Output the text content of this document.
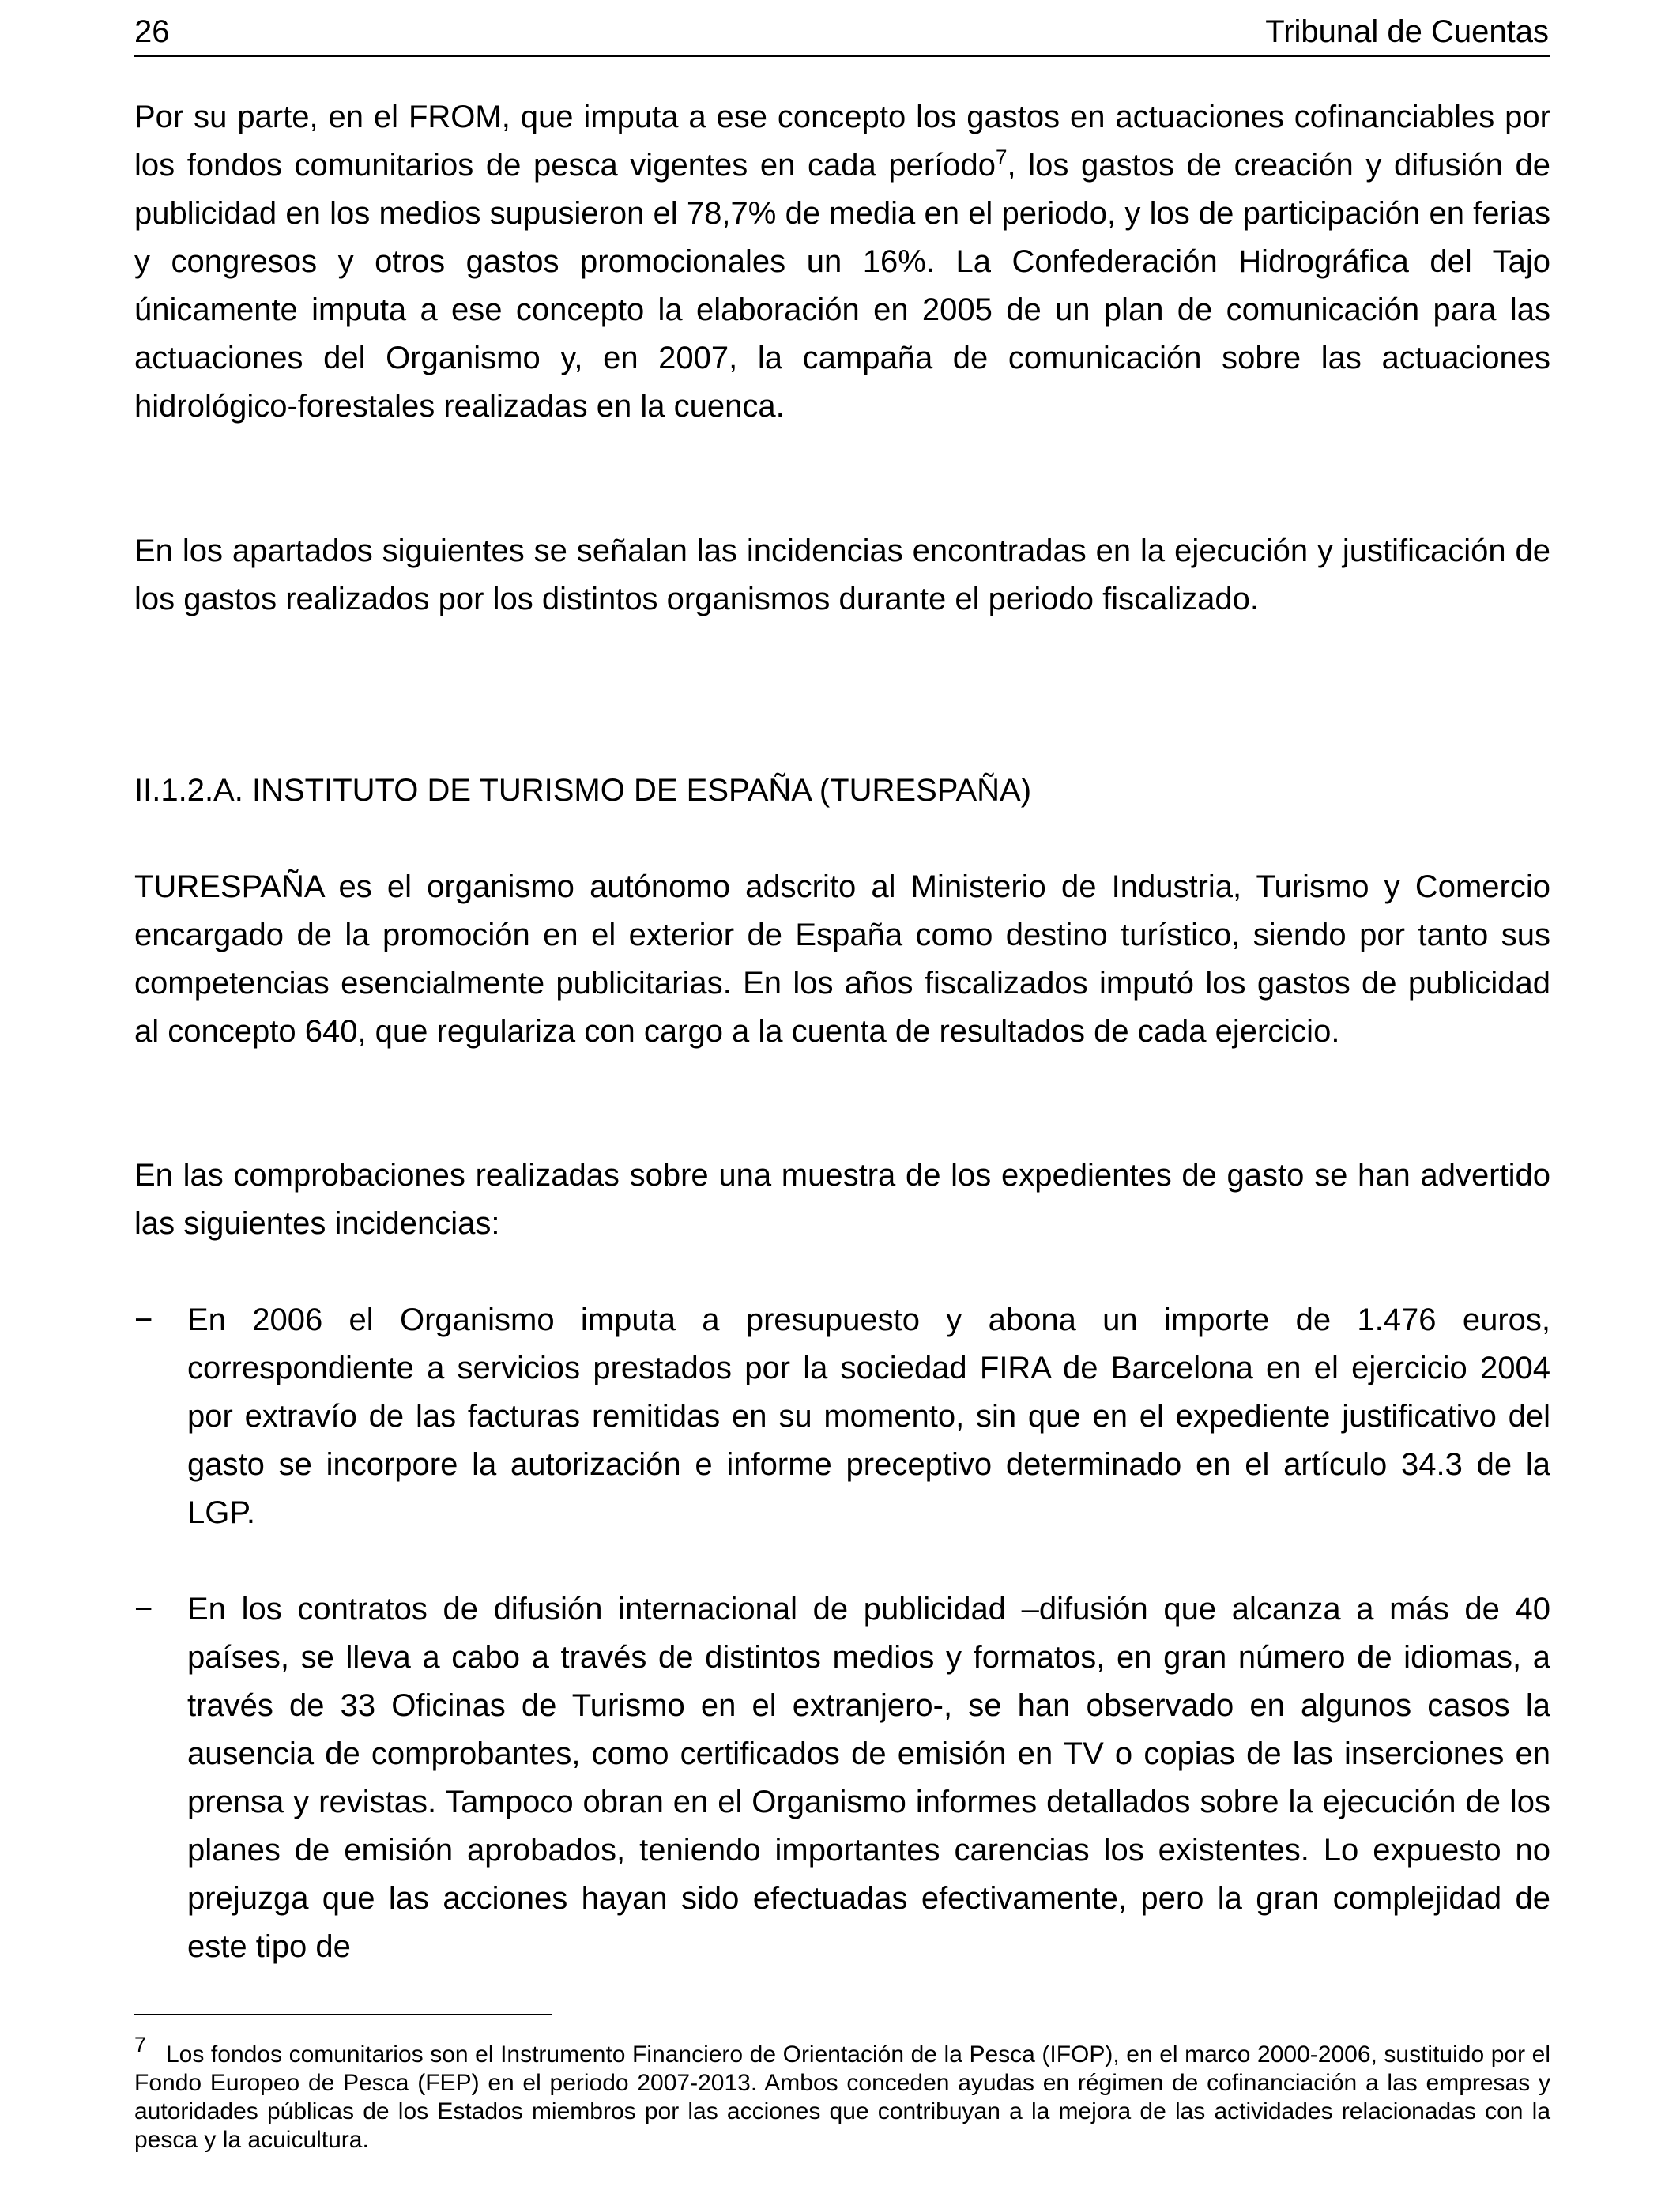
26	Tribunal de Cuentas

Por su parte, en el FROM, que imputa a ese concepto los gastos en actuaciones cofinanciables por los fondos comunitarios de pesca vigentes en cada período$^7$, los gastos de creación y difusión de publicidad en los medios supusieron el 78,7% de media en el periodo, y los de participación en ferias y congresos y otros gastos promocionales un 16%. La Confederación Hidrográfica del Tajo únicamente imputa a ese concepto la elaboración en 2005 de un plan de comunicación para las actuaciones del Organismo y, en 2007, la campaña de comunicación sobre las actuaciones hidrológico-forestales realizadas en la cuenca.

En los apartados siguientes se señalan las incidencias encontradas en la ejecución y justificación de los gastos realizados por los distintos organismos durante el periodo fiscalizado.

II.1.2.A. INSTITUTO DE TURISMO DE ESPAÑA (TURESPAÑA)

TURESPAÑA es el organismo autónomo adscrito al Ministerio de Industria, Turismo y Comercio encargado de la promoción en el exterior de España como destino turístico, siendo por tanto sus competencias esencialmente publicitarias. En los años fiscalizados imputó los gastos de publicidad al concepto 640, que regulariza con cargo a la cuenta de resultados de cada ejercicio.

En las comprobaciones realizadas sobre una muestra de los expedientes de gasto se han advertido las siguientes incidencias:

− En 2006 el Organismo imputa a presupuesto y abona un importe de 1.476 euros, correspondiente a servicios prestados por la sociedad FIRA de Barcelona en el ejercicio 2004 por extravío de las facturas remitidas en su momento, sin que en el expediente justificativo del gasto se incorpore la autorización e informe preceptivo determinado en el artículo 34.3 de la LGP.

− En los contratos de difusión internacional de publicidad –difusión que alcanza a más de 40 países, se lleva a cabo a través de distintos medios y formatos, en gran número de idiomas, a través de 33 Oficinas de Turismo en el extranjero-, se han observado en algunos casos la ausencia de comprobantes, como certificados de emisión en TV o copias de las inserciones en prensa y revistas. Tampoco obran en el Organismo informes detallados sobre la ejecución de los planes de emisión aprobados, teniendo importantes carencias los existentes. Lo expuesto no prejuzga que las acciones hayan sido efectuadas efectivamente, pero la gran complejidad de este tipo de

7 Los fondos comunitarios son el Instrumento Financiero de Orientación de la Pesca (IFOP), en el marco 2000-2006, sustituido por el Fondo Europeo de Pesca (FEP) en el periodo 2007-2013. Ambos conceden ayudas en régimen de cofinanciación a las empresas y autoridades públicas de los Estados miembros por las acciones que contribuyan a la mejora de las actividades relacionadas con la pesca y la acuicultura.
